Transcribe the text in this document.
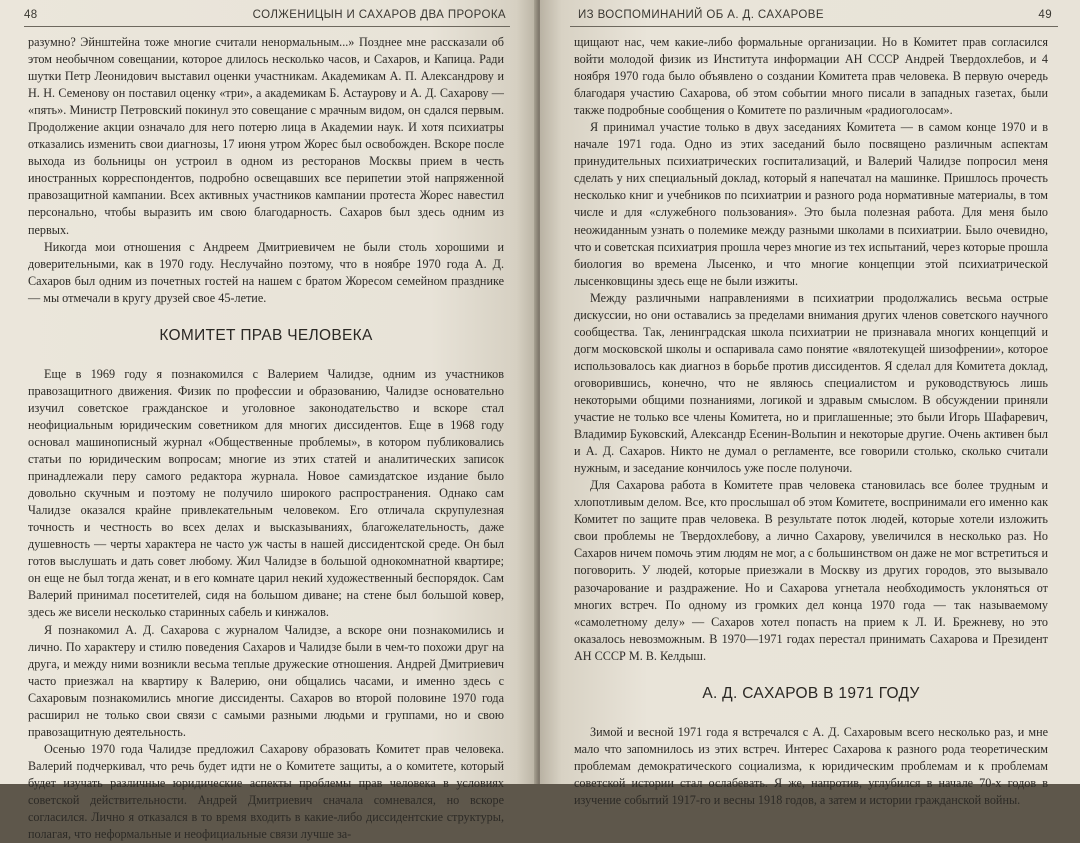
48	СОЛЖЕНИЦЫН И САХАРОВ ДВА ПРОРОКА

разумно? Эйнштейна тоже многие считали ненормальным...» Позднее мне рассказали об этом необычном совещании, которое длилось несколько часов, и Сахаров, и Капица. Ради шутки Петр Леонидович выставил оценки участникам. Академикам А. П. Александрову и Н. Н. Семенову он поставил оценку «три», а академикам Б. Астаурову и А. Д. Сахарову — «пять». Министр Петровский покинул это совещание с мрачным видом, он сдался первым. Продолжение акции означало для него потерю лица в Академии наук. И хотя психиатры отказались изменить свои диагнозы, 17 июня утром Жорес был освобожден. Вскоре после выхода из больницы он устроил в одном из ресторанов Москвы прием в честь иностранных корреспондентов, подробно освещавших все перипетии этой напряженной правозащитной кампании. Всех активных участников кампании протеста Жорес навестил персонально, чтобы выразить им свою благодарность. Сахаров был здесь одним из первых.

Никогда мои отношения с Андреем Дмитриевичем не были столь хорошими и доверительными, как в 1970 году. Неслучайно поэтому, что в ноябре 1970 года А. Д. Сахаров был одним из почетных гостей на нашем с братом Жоресом семейном празднике — мы отмечали в кругу друзей свое 45-летие.

КОМИТЕТ ПРАВ ЧЕЛОВЕКА

Еще в 1969 году я познакомился с Валерием Чалидзе, одним из участников правозащитного движения. Физик по профессии и образованию, Чалидзе основательно изучил советское гражданское и уголовное законодательство и вскоре стал неофициальным юридическим советником для многих диссидентов. Еще в 1968 году основал машинописный журнал «Общественные проблемы», в котором публиковались статьи по юридическим вопросам; многие из этих статей и аналитических записок принадлежали перу самого редактора журнала. Новое самиздатское издание было довольно скучным и поэтому не получило широкого распространения. Однако сам Чалидзе оказался крайне привлекательным человеком. Его отличала скрупулезная точность и честность во всех делах и высказываниях, благожелательность, даже душевность — черты характера не часто уж часты в нашей диссидентской среде. Он был готов выслушать и дать совет любому. Жил Чалидзе в большой однокомнатной квартире; он еще не был тогда женат, и в его комнате царил некий художественный беспорядок. Сам Валерий принимал посетителей, сидя на большом диване; на стене был большой ковер, здесь же висели несколько старинных сабель и кинжалов.

Я познакомил А. Д. Сахарова с журналом Чалидзе, а вскоре они познакомились и лично. По характеру и стилю поведения Сахаров и Чалидзе были в чем-то похожи друг на друга, и между ними возникли весьма теплые дружеские отношения. Андрей Дмитриевич часто приезжал на квартиру к Валерию, они общались часами, и именно здесь с Сахаровым познакомились многие диссиденты. Сахаров во второй половине 1970 года расширил не только свои связи с самыми разными людьми и группами, но и свою правозащитную деятельность.

Осенью 1970 года Чалидзе предложил Сахарову образовать Комитет прав человека. Валерий подчеркивал, что речь будет идти не о Комитете защиты, а о комитете, который будет изучать различные юридические аспекты проблемы прав человека в условиях советской действительности. Андрей Дмитриевич сначала сомневался, но вскоре согласился. Лично я отказался в то время входить в какие-либо диссидентские структуры, полагая, что неформальные и неофициальные связи лучше за-

ИЗ ВОСПОМИНАНИЙ ОБ А. Д. САХАРОВЕ	49

щищают нас, чем какие-либо формальные организации. Но в Комитет прав согласился войти молодой физик из Института информации АН СССР Андрей Твердохлебов, и 4 ноября 1970 года было объявлено о создании Комитета прав человека. В первую очередь благодаря участию Сахарова, об этом событии много писали в западных газетах, были также подробные сообщения о Комитете по различным «радиоголосам».

Я принимал участие только в двух заседаниях Комитета — в самом конце 1970 и в начале 1971 года. Одно из этих заседаний было посвящено различным аспектам принудительных психиатрических госпитализаций, и Валерий Чалидзе попросил меня сделать у них специальный доклад, который я напечатал на машинке. Пришлось прочесть несколько книг и учебников по психиатрии и разного рода нормативные материалы, в том числе и для «служебного пользования». Это была полезная работа. Для меня было неожиданным узнать о полемике между разными школами в психиатрии. Было очевидно, что и советская психиатрия прошла через многие из тех испытаний, через которые прошла биология во времена Лысенко, и что многие концепции этой психиатрической лысенковщины здесь еще не были изжиты.

Между различными направлениями в психиатрии продолжались весьма острые дискуссии, но они оставались за пределами внимания других членов советского научного сообщества. Так, ленинградская школа психиатрии не признавала многих концепций и догм московской школы и оспаривала само понятие «вялотекущей шизофрении», которое использовалось как диагноз в борьбе против диссидентов. Я сделал для Комитета доклад, оговорившись, конечно, что не являюсь специалистом и руководствуюсь лишь некоторыми общими познаниями, логикой и здравым смыслом. В обсуждении приняли участие не только все члены Комитета, но и приглашенные; это были Игорь Шафаревич, Владимир Буковский, Александр Есенин-Вольпин и некоторые другие. Очень активен был и А. Д. Сахаров. Никто не думал о регламенте, все говорили столько, сколько считали нужным, и заседание кончилось уже после полуночи.

Для Сахарова работа в Комитете прав человека становилась все более трудным и хлопотливым делом. Все, кто прослышал об этом Комитете, воспринимали его именно как Комитет по защите прав человека. В результате поток людей, которые хотели изложить свои проблемы не Твердохлебову, а лично Сахарову, увеличился в несколько раз. Но Сахаров ничем помочь этим людям не мог, а с большинством он даже не мог встретиться и поговорить. У людей, которые приезжали в Москву из других городов, это вызывало разочарование и раздражение. Но и Сахарова угнетала необходимость уклоняться от многих встреч. По одному из громких дел конца 1970 года — так называемому «самолетному делу» — Сахаров хотел попасть на прием к Л. И. Брежневу, но это оказалось невозможным. В 1970—1971 годах перестал принимать Сахарова и Президент АН СССР М. В. Келдыш.

А. Д. САХАРОВ В 1971 ГОДУ

Зимой и весной 1971 года я встречался с А. Д. Сахаровым всего несколько раз, и мне мало что запомнилось из этих встреч. Интерес Сахарова к разного рода теоретическим проблемам демократического социализма, к юридическим проблемам и к проблемам советской истории стал ослабевать. Я же, напротив, углубился в начале 70-х годов в изучение событий 1917-го и весны 1918 годов, а затем и истории гражданской войны.
